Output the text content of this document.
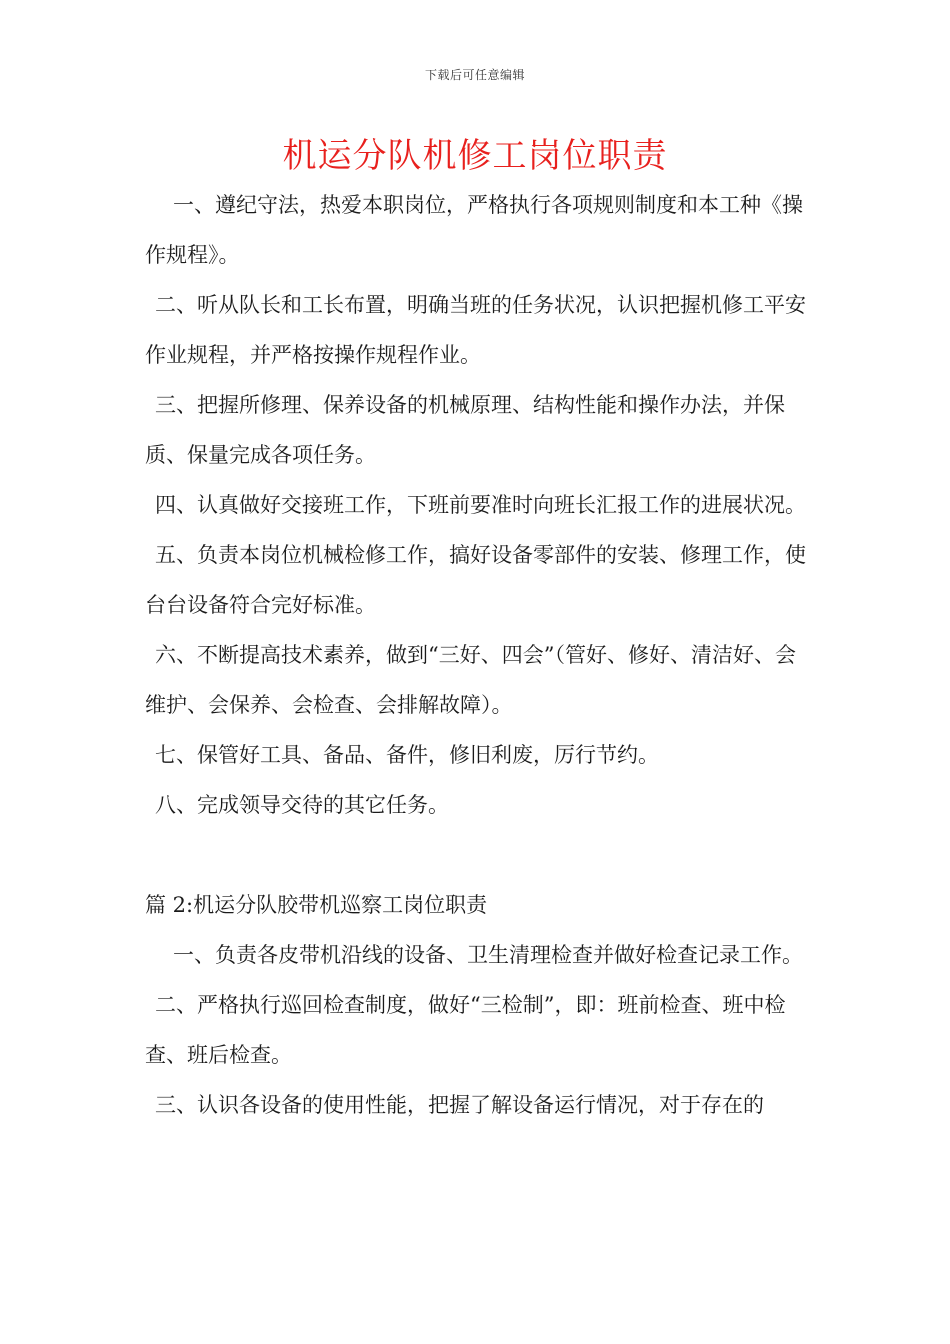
下载后可任意编辑
机运分队机修工岗位职责

一、遵纪守法，热爱本职岗位，严格执行各项规则制度和本工种《操作规程》。

二、听从队长和工长布置，明确当班的任务状况，认识把握机修工平安作业规程，并严格按操作规程作业。

三、把握所修理、保养设备的机械原理、结构性能和操作办法，并保质、保量完成各项任务。

四、认真做好交接班工作，下班前要准时向班长汇报工作的进展状况。

五、负责本岗位机械检修工作，搞好设备零部件的安装、修理工作，使台台设备符合完好标准。

六、不断提高技术素养，做到“三好、四会”（管好、修好、清洁好、会维护、会保养、会检查、会排解故障）。

七、保管好工具、备品、备件，修旧利废，厉行节约。

八、完成领导交待的其它任务。

篇 2:机运分队胶带机巡察工岗位职责

一、负责各皮带机沿线的设备、卫生清理检查并做好检查记录工作。

二、严格执行巡回检查制度，做好“三检制”，即：班前检查、班中检查、班后检查。

三、认识各设备的使用性能，把握了解设备运行情况，对于存在的
